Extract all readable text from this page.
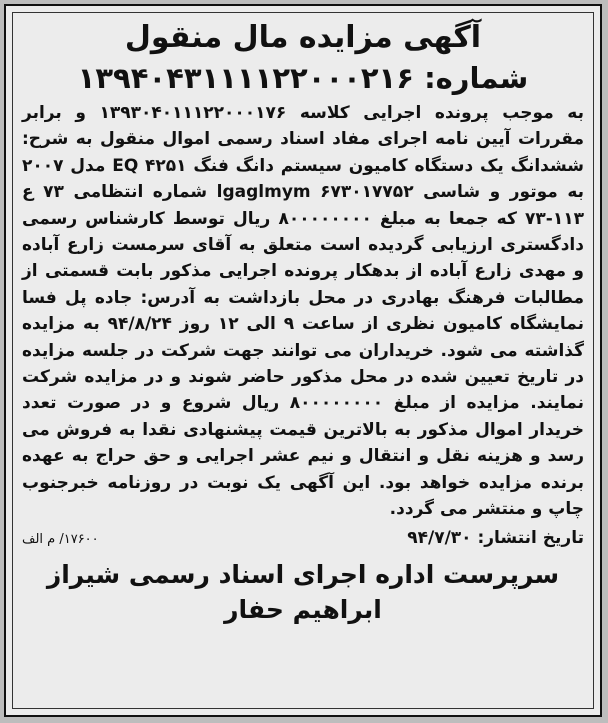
آگهی مزایده مال منقول
شماره: ۱۳۹۴۰۴۳۱۱۱۱۲۲۰۰۰۲۱۶

به موجب پرونده اجرایی کلاسه ۱۳۹۳۰۴۰۱۱۱۲۲۰۰۰۱۷۶ و برابر مقررات آیین نامه اجرای مفاد اسناد رسمی اموال منقول به شرح: ششدانگ یک دستگاه کامیون سیستم دانگ فنگ EQ ۴۲۵۱ مدل ۲۰۰۷ به موتور و شاسی lgaglmym ۶۷۳۰۱۷۷۵۲ شماره انتظامی ۷۳ ع ۱۱۳-۷۳ که جمعا به مبلغ ۸۰۰۰۰۰۰۰۰ ریال توسط کارشناس رسمی دادگستری ارزیابی گردیده است متعلق به آقای سرمست زارع آباده و مهدی زارع آباده از بدهکار پرونده اجرایی مذکور بابت قسمتی از مطالبات فرهنگ بهادری در محل بازداشت به آدرس: جاده پل فسا نمایشگاه کامیون نظری از ساعت ۹ الی ۱۲ روز ۹۴/۸/۲۴ به مزایده گذاشته می شود. خریداران می توانند جهت شرکت در جلسه مزایده در تاریخ تعیین شده در محل مذکور حاضر شوند و در مزایده شرکت نمایند. مزایده از مبلغ ۸۰۰۰۰۰۰۰۰ ریال شروع و در صورت تعدد خریدار اموال مذکور به بالاترین قیمت پیشنهادی نقدا به فروش می رسد و هزینه نقل و انتقال و نیم عشر اجرایی و حق حراج به عهده برنده مزایده خواهد بود. این آگهی یک نوبت در روزنامه خبرجنوب چاپ و منتشر می گردد.

تاریخ انتشار: ۹۴/۷/۳۰
۱۷۶۰۰/ م الف
سرپرست اداره اجرای اسناد رسمی شیراز
ابراهیم حفار
